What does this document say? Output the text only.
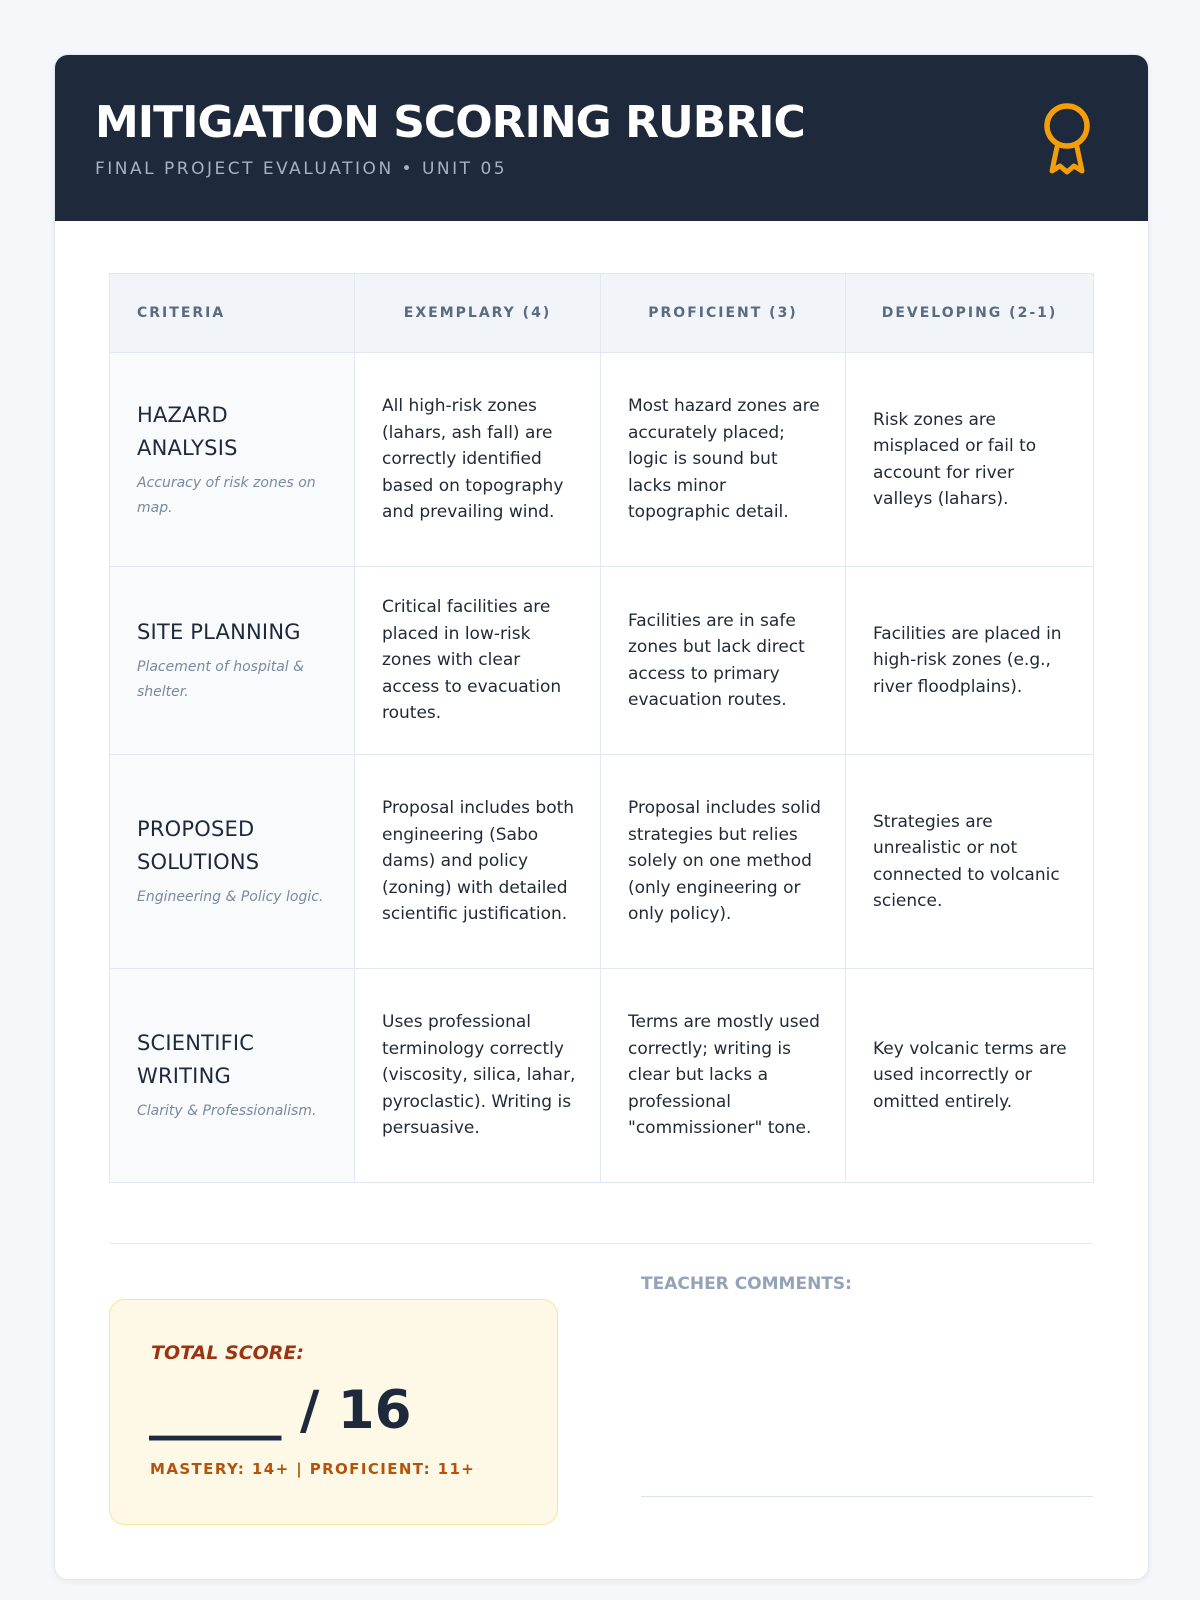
MITIGATION SCORING RUBRIC
FINAL PROJECT EVALUATION • UNIT 05
CRITERIA	EXEMPLARY (4)	PROFICIENT (3)	DEVELOPING (2-1)

HAZARD ANALYSIS
Accuracy of risk zones on map.	All high-risk zones (lahars, ash fall) are correctly identified based on topography and prevailing wind.	Most hazard zones are accurately placed; logic is sound but lacks minor topographic detail.	Risk zones are misplaced or fail to account for river valleys (lahars).

SITE PLANNING
Placement of hospital & shelter.	Critical facilities are placed in low-risk zones with clear access to evacuation routes.	Facilities are in safe zones but lack direct access to primary evacuation routes.	Facilities are placed in high-risk zones (e.g., river floodplains).

PROPOSED SOLUTIONS
Engineering & Policy logic.	Proposal includes both engineering (Sabo dams) and policy (zoning) with detailed scientific justification.	Proposal includes solid strategies but relies solely on one method (only engineering or only policy).	Strategies are unrealistic or not connected to volcanic science.

SCIENTIFIC WRITING
Clarity & Professionalism.	Uses professional terminology correctly (viscosity, silica, lahar, pyroclastic). Writing is persuasive.	Terms are mostly used correctly; writing is clear but lacks a professional "commissioner" tone.	Key volcanic terms are used incorrectly or omitted entirely.
TOTAL SCORE:
_____ / 16
MASTERY: 14+ | PROFICIENT: 11+
TEACHER COMMENTS:
